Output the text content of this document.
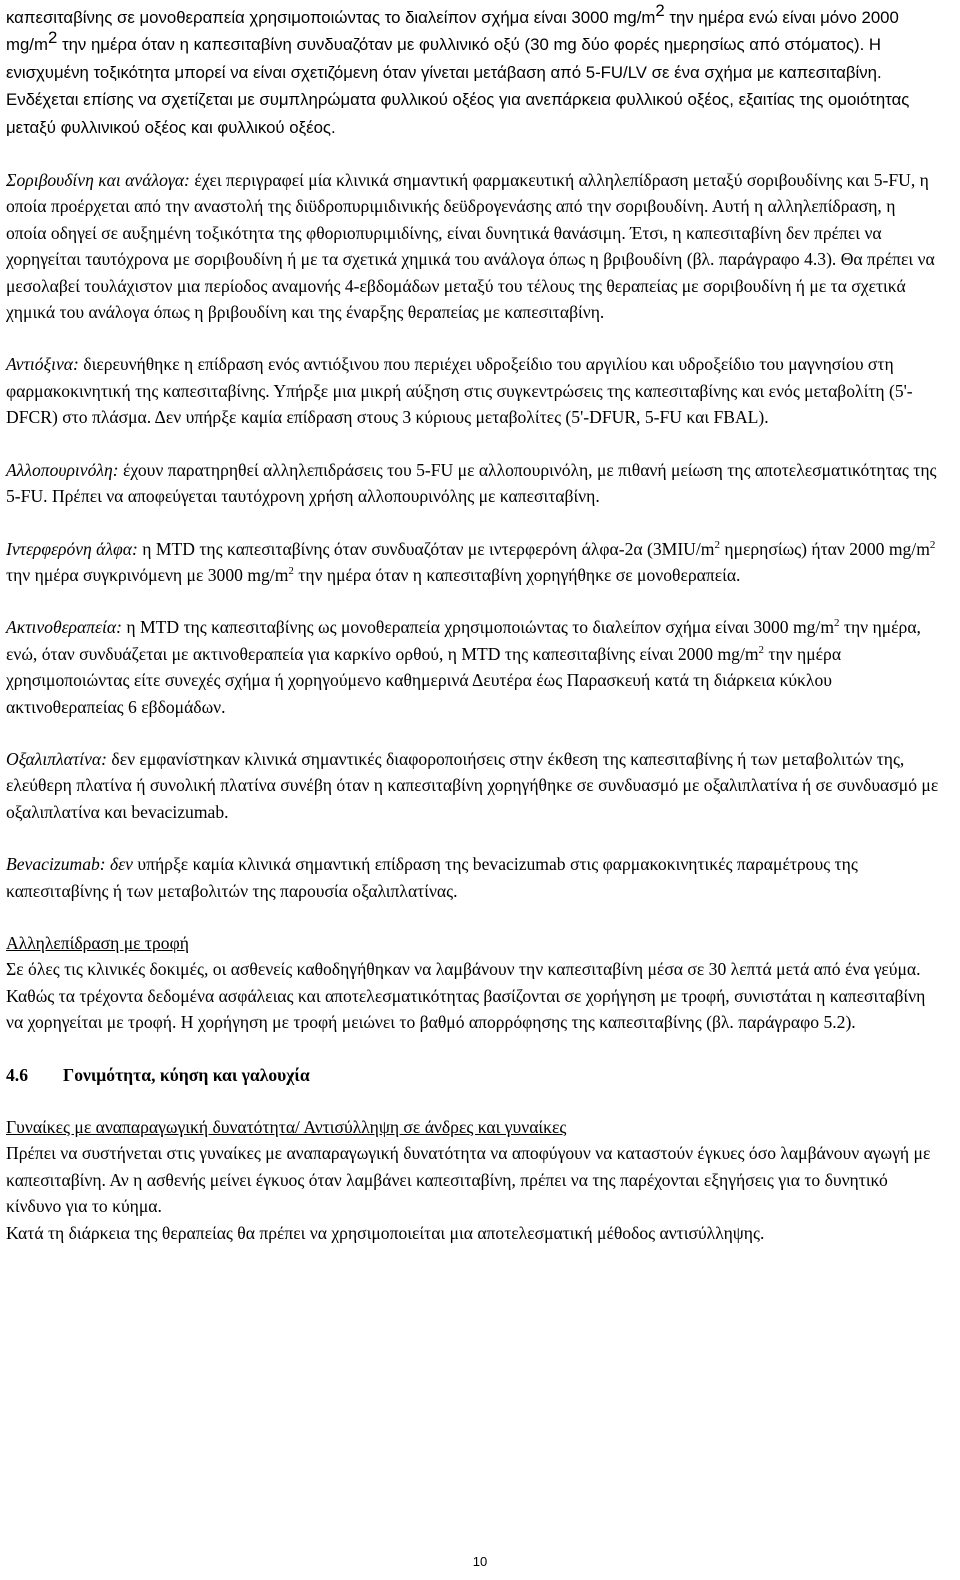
καπεσιταβίνης σε μονοθεραπεία χρησιμοποιώντας το διαλείπον σχήμα είναι 3000 $mg/m^2$ την ημέρα ενώ είναι μόνο 2000 $mg/m^2$ την ημέρα όταν η καπεσιταβίνη συνδυαζόταν με φυλλινικό οξύ (30 mg δύο φορές ημερησίως από στόματος). Η ενισχυμένη τοξικότητα μπορεί να είναι σχετιζόμενη όταν γίνεται μετάβαση από 5-FU/LV σε ένα σχήμα με καπεσιταβίνη. Ενδέχεται επίσης να σχετίζεται με συμπληρώματα φυλλικού οξέος για ανεπάρκεια φυλλικού οξέος, εξαιτίας της ομοιότητας μεταξύ φυλλινικού οξέος και φυλλικού οξέος.

Σοριβουδίνη και ανάλογα: έχει περιγραφεί μία κλινικά σημαντική φαρμακευτική αλληλεπίδραση μεταξύ σοριβουδίνης και 5-FU, η οποία προέρχεται από την αναστολή της διϋδροπυριμιδινικής δεϋδρογενάσης από την σοριβουδίνη. Αυτή η αλληλεπίδραση, η οποία οδηγεί σε αυξημένη τοξικότητα της φθοριοπυριμιδίνης, είναι δυνητικά θανάσιμη. Έτσι, η καπεσιταβίνη δεν πρέπει να χορηγείται ταυτόχρονα με σοριβουδίνη ή με τα σχετικά χημικά του ανάλογα όπως η βριβουδίνη (βλ. παράγραφο 4.3). Θα πρέπει να μεσολαβεί τουλάχιστον μια περίοδος αναμονής 4-εβδομάδων μεταξύ του τέλους της θεραπείας με σοριβουδίνη ή με τα σχετικά χημικά του ανάλογα όπως η βριβουδίνη και της έναρξης θεραπείας με καπεσιταβίνη.

Αντιόξινα: διερευνήθηκε η επίδραση ενός αντιόξινου που περιέχει υδροξείδιο του αργιλίου και υδροξείδιο του μαγνησίου στη φαρμακοκινητική της καπεσιταβίνης. Υπήρξε μια μικρή αύξηση στις συγκεντρώσεις της καπεσιταβίνης και ενός μεταβολίτη (5'-DFCR) στο πλάσμα. Δεν υπήρξε καμία επίδραση στους 3 κύριους μεταβολίτες (5'-DFUR, 5-FU και FBAL).

Αλλοπουρινόλη: έχουν παρατηρηθεί αλληλεπιδράσεις του 5-FU με αλλοπουρινόλη, με πιθανή μείωση της αποτελεσματικότητας της 5-FU. Πρέπει να αποφεύγεται ταυτόχρονη χρήση αλλοπουρινόλης με καπεσιταβίνη.

Ιντερφερόνη άλφα: η MTD της καπεσιταβίνης όταν συνδυαζόταν με ιντερφερόνη άλφα-2α ($3MIU/m^2$ ημερησίως) ήταν 2000 $mg/m^2$ την ημέρα συγκρινόμενη με 3000 $mg/m^2$ την ημέρα όταν η καπεσιταβίνη χορηγήθηκε σε μονοθεραπεία.

Ακτινοθεραπεία: η MTD της καπεσιταβίνης ως μονοθεραπεία χρησιμοποιώντας το διαλείπον σχήμα είναι 3000 $mg/m^2$ την ημέρα, ενώ, όταν συνδυάζεται με ακτινοθεραπεία για καρκίνο ορθού, η MTD της καπεσιταβίνης είναι 2000 $mg/m^2$ την ημέρα χρησιμοποιώντας είτε συνεχές σχήμα ή χορηγούμενο καθημερινά Δευτέρα έως Παρασκευή κατά τη διάρκεια κύκλου ακτινοθεραπείας 6 εβδομάδων.

Οξαλιπλατίνα: δεν εμφανίστηκαν κλινικά σημαντικές διαφοροποιήσεις στην έκθεση της καπεσιταβίνης ή των μεταβολιτών της, ελεύθερη πλατίνα ή συνολική πλατίνα συνέβη όταν η καπεσιταβίνη χορηγήθηκε σε συνδυασμό με οξαλιπλατίνα ή σε συνδυασμό με οξαλιπλατίνα και bevacizumab.

Bevacizumab: δεν υπήρξε καμία κλινικά σημαντική επίδραση της bevacizumab στις φαρμακοκινητικές παραμέτρους της καπεσιταβίνης ή των μεταβολιτών της παρουσία οξαλιπλατίνας.

Αλληλεπίδραση με τροφή

Σε όλες τις κλινικές δοκιμές, οι ασθενείς καθοδηγήθηκαν να λαμβάνουν την καπεσιταβίνη μέσα σε 30 λεπτά μετά από ένα γεύμα. Καθώς τα τρέχοντα δεδομένα ασφάλειας και αποτελεσματικότητας βασίζονται σε χορήγηση με τροφή, συνιστάται η καπεσιταβίνη να χορηγείται με τροφή. Η χορήγηση με τροφή μειώνει το βαθμό απορρόφησης της καπεσιταβίνης (βλ. παράγραφο 5.2).

4.6 Γονιμότητα, κύηση και γαλουχία

Γυναίκες με αναπαραγωγική δυνατότητα/ Αντισύλληψη σε άνδρες και γυναίκες

Πρέπει να συστήνεται στις γυναίκες με αναπαραγωγική δυνατότητα να αποφύγουν να καταστούν έγκυες όσο λαμβάνουν αγωγή με καπεσιταβίνη. Αν η ασθενής μείνει έγκυος όταν λαμβάνει καπεσιταβίνη, πρέπει να της παρέχονται εξηγήσεις για το δυνητικό κίνδυνο για το κύημα.

Κατά τη διάρκεια της θεραπείας θα πρέπει να χρησιμοποιείται μια αποτελεσματική μέθοδος αντισύλληψης.

10
